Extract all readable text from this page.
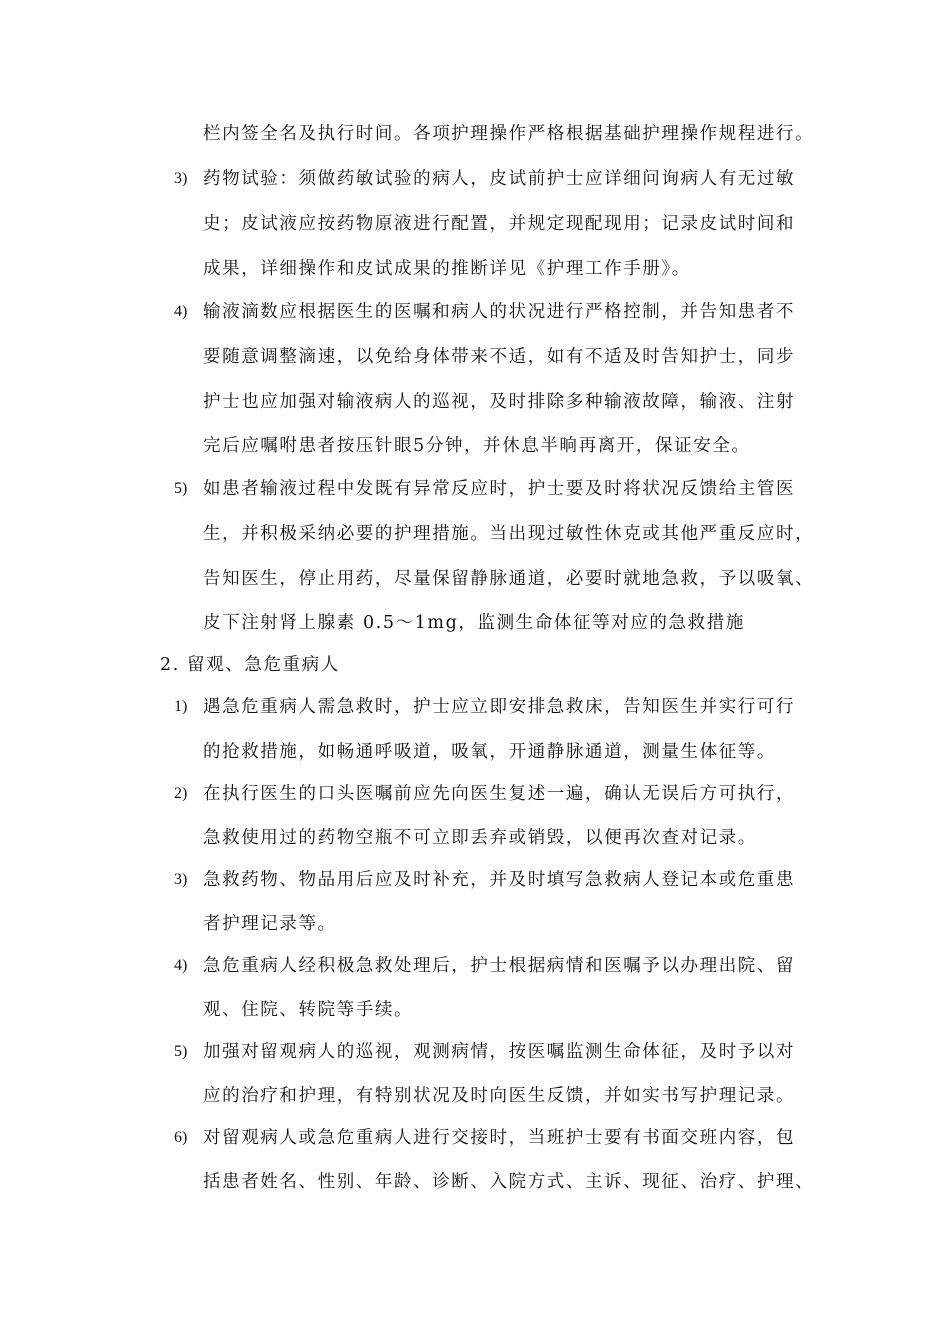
栏内签全名及执行时间。各项护理操作严格根据基础护理操作规程进行。
3) 药物试验：须做药敏试验的病人，皮试前护士应详细问询病人有无过敏
史；皮试液应按药物原液进行配置，并规定现配现用；记录皮试时间和
成果，详细操作和皮试成果的推断详见《护理工作手册》。
4) 输液滴数应根据医生的医嘱和病人的状况进行严格控制，并告知患者不
要随意调整滴速，以免给身体带来不适，如有不适及时告知护士，同步
护士也应加强对输液病人的巡视，及时排除多种输液故障，输液、注射
完后应嘱咐患者按压针眼5分钟，并休息半晌再离开，保证安全。
5) 如患者输液过程中发既有异常反应时，护士要及时将状况反馈给主管医
生，并积极采纳必要的护理措施。当出现过敏性休克或其他严重反应时，
告知医生，停止用药，尽量保留静脉通道，必要时就地急救，予以吸氧、
皮下注射肾上腺素 0.5～1mg，监测生命体征等对应的急救措施
2. 留观、急危重病人
1) 遇急危重病人需急救时，护士应立即安排急救床，告知医生并实行可行
的抢救措施，如畅通呼吸道，吸氧，开通静脉通道，测量生体征等。
2) 在执行医生的口头医嘱前应先向医生复述一遍，确认无误后方可执行，
急救使用过的药物空瓶不可立即丢弃或销毁，以便再次查对记录。
3) 急救药物、物品用后应及时补充，并及时填写急救病人登记本或危重患
者护理记录等。
4) 急危重病人经积极急救处理后，护士根据病情和医嘱予以办理出院、留
观、住院、转院等手续。
5) 加强对留观病人的巡视，观测病情，按医嘱监测生命体征，及时予以对
应的治疗和护理，有特别状况及时向医生反馈，并如实书写护理记录。
6) 对留观病人或急危重病人进行交接时，当班护士要有书面交班内容，包
括患者姓名、性别、年龄、诊断、入院方式、主诉、现征、治疗、护理、
